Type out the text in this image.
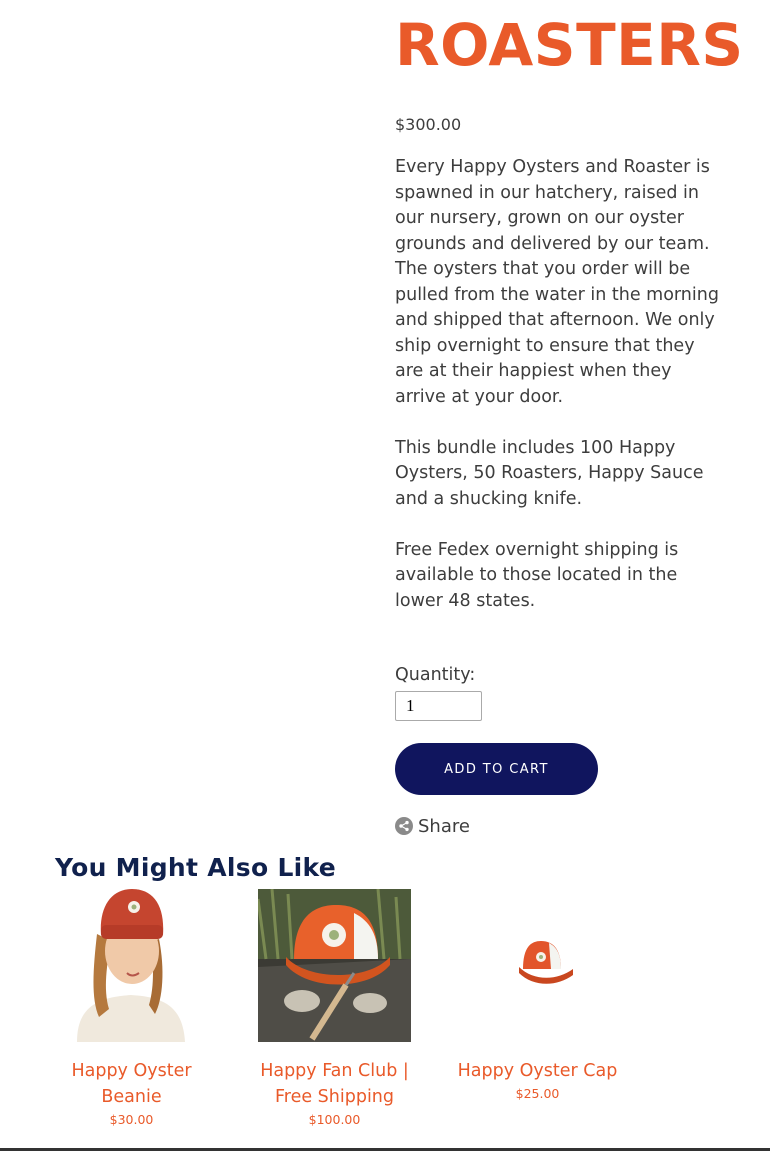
ROASTERS
$300.00

Every Happy Oysters and Roaster is spawned in our hatchery, raised in our nursery, grown on our oyster grounds and delivered by our team. The oysters that you order will be pulled from the water in the morning and shipped that afternoon. We only ship overnight to ensure that they are at their happiest when they arrive at your door.

This bundle includes 100 Happy Oysters, 50 Roasters, Happy Sauce and a shucking knife.

Free Fedex overnight shipping is available to those located in the lower 48 states.

Quantity:
1
ADD TO CART
Share
You Might Also Like
Happy Oyster Beanie
$30.00
Happy Fan Club | Free Shipping
$100.00
Happy Oyster Cap
$25.00
